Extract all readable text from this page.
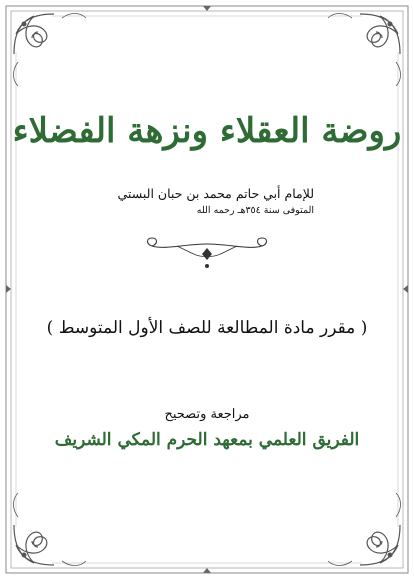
روضة العقلاء ونزهة الفضلاء
للإمام أبي حاتم محمد بن حبان البستي
المتوفى سنة ٣٥٤هـ رحمه الله
( مقرر مادة المطالعة للصف الأول المتوسط )
مراجعة وتصحيح
الفريق العلمي بمعهد الحرم المكي الشريف
